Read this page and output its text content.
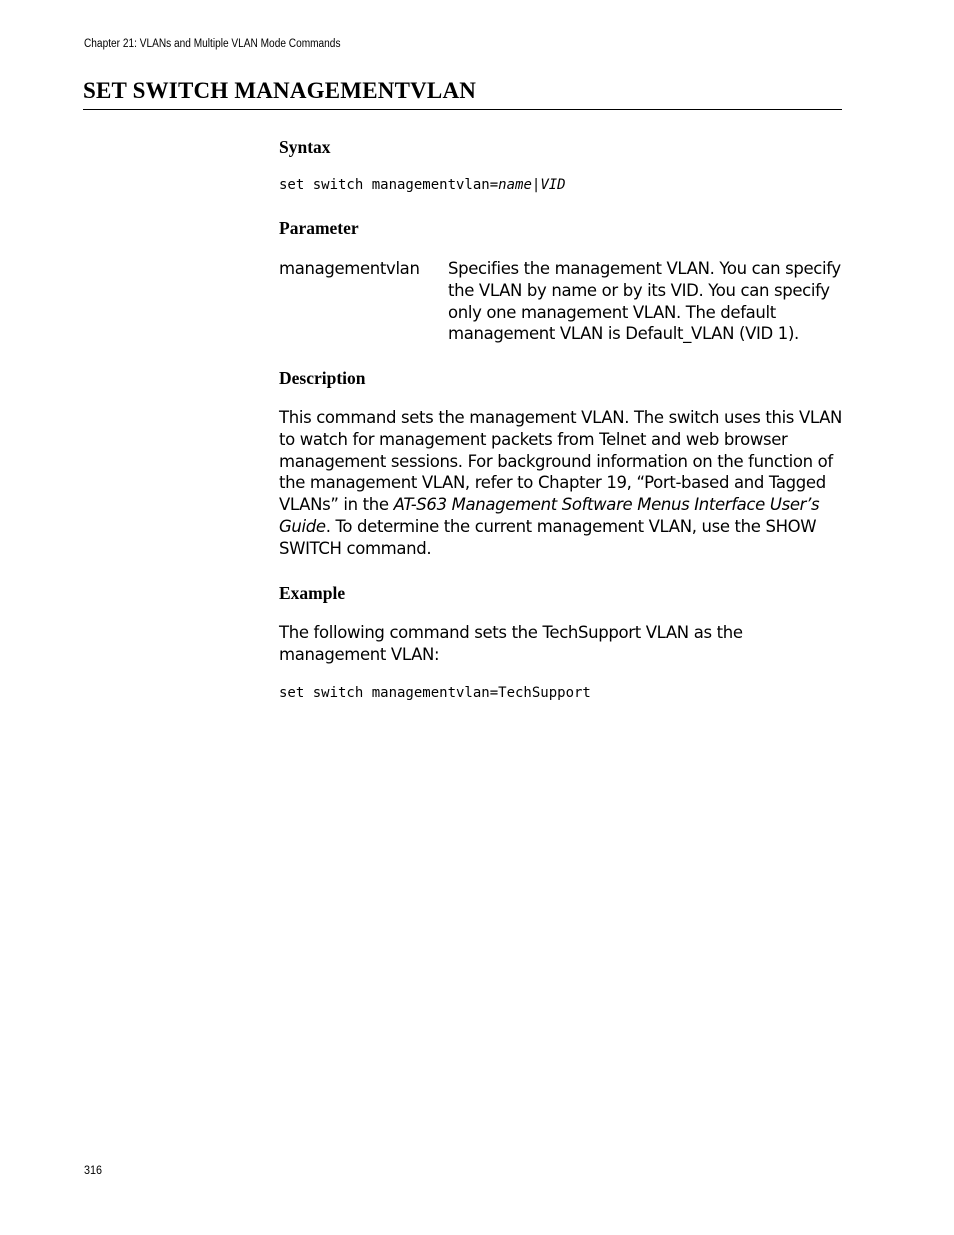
Chapter 21: VLANs and Multiple VLAN Mode Commands
SET SWITCH MANAGEMENTVLAN
Syntax

set switch managementvlan=name|VID

Parameter

managementvlan Specifies the management VLAN. You can specify the VLAN by name or by its VID. You can specify only one management VLAN. The default management VLAN is Default_VLAN (VID 1).

Description

This command sets the management VLAN. The switch uses this VLAN to watch for management packets from Telnet and web browser management sessions. For background information on the function of the management VLAN, refer to Chapter 19, “Port-based and Tagged VLANs” in the AT-S63 Management Software Menus Interface User’s Guide. To determine the current management VLAN, use the SHOW SWITCH command.

Example

The following command sets the TechSupport VLAN as the management VLAN:

set switch managementvlan=TechSupport

316
